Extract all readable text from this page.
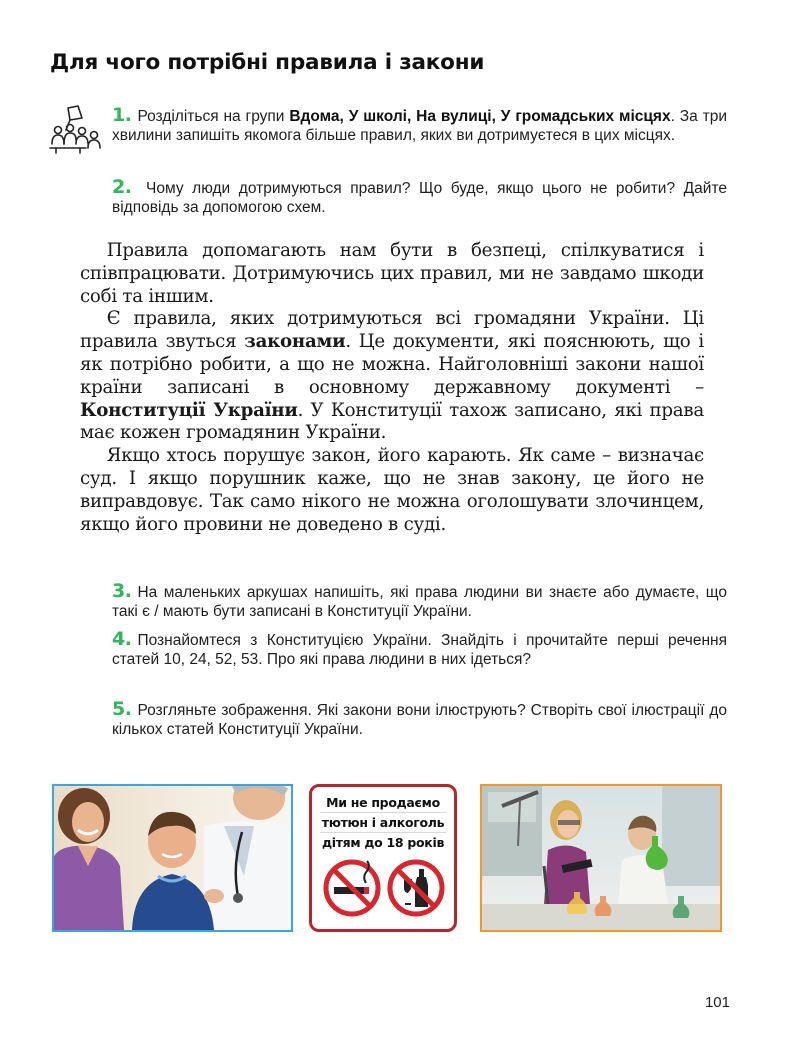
Для чого потрібні правила і закони
1. Розділіться на групи Вдома, У школі, На вулиці, У громадських місцях. За три хвилини запишіть якомога більше правил, яких ви дотримуєтеся в цих місцях.
2. Чому люди дотримуються правил? Що буде, якщо цього не робити? Дайте відповідь за допомогою схем.

  Правила допомагають нам бути в безпеці, спілкуватися і співпрацювати. Дотримуючись цих правил, ми не завдамо шкоди собі та іншим.

  Є правила, яких дотримуються всі громадяни України. Ці правила звуться законами. Це документи, які пояснюють, що і як потрібно робити, а що не можна. Найголовніші закони нашої країни записані в основному державному документі – Конституції України. У Конституції тахож записано, які права має кожен громадянин України.

  Якщо хтось порушує закон, його карають. Як саме – визначає суд. І якщо порушник каже, що не знав закону, це його не виправдовує. Так само нікого не можна оголошувати злочинцем, якщо його провини не доведено в суді.

3. На маленьких аркушах напишіть, які права людини ви знаєте або думаєте, що такі є / мають бути записані в Конституції України.
4. Познайомтеся з Конституцією України. Знайдіть і прочитайте перші речення статей 10, 24, 52, 53. Про які права людини в них ідеться?
5. Розгляньте зображення. Які закони вони ілюструють? Створіть свої ілюстрації до кількох статей Конституції України.
Ми не продаємо
тютюн і алкоголь
дітям до 18 років
101
